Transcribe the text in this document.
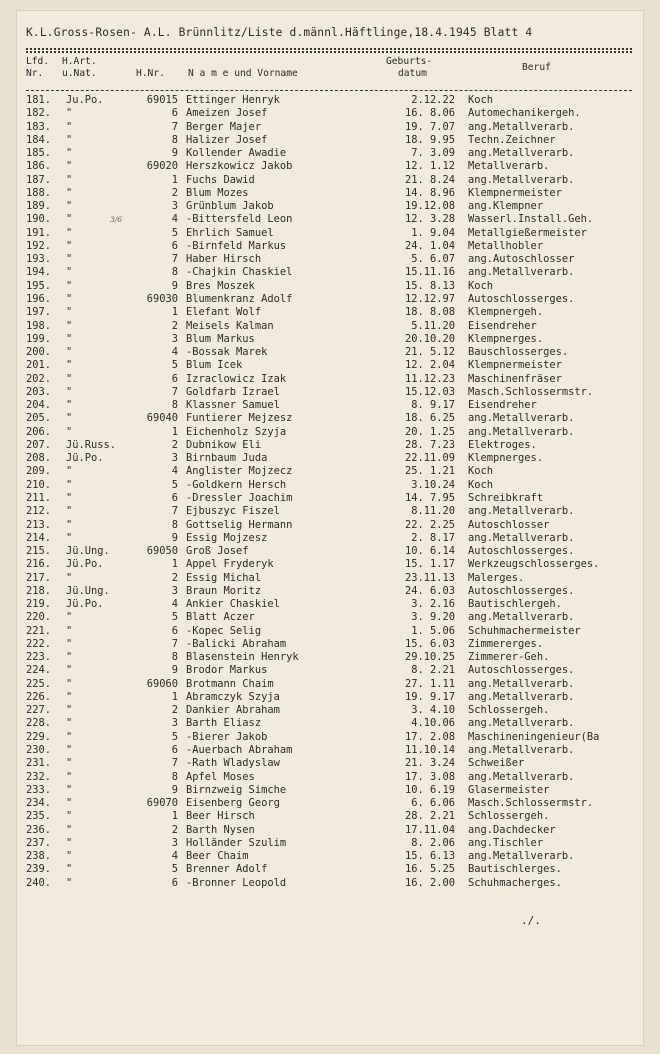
K.L.Gross-Rosen- A.L. Brünnlitz/Liste d.männl.Häftlinge,18.4.1945 Blatt 4
Lfd.
Nr.
H.Art.
u.Nat.	H.Nr. N a m e und Vorname
Geburts-
datum
Beruf
181. Ju.Po.	69015 Ettinger Henryk	2.12.22 Koch
182. "	6 Ameizen Josef	16. 8.06 Automechanikergeh.
183. "	7 Berger Majer	19. 7.07 ang.Metallverarb.
184. "	8 Halizer Josef	18. 9.95 Techn.Zeichner
185. "	9 Kollender Awadie	7. 3.09 ang.Metallverarb.
186. "	69020 Herszkowicz Jakob	12. 1.12 Metallverarb.
187. "	1 Fuchs Dawid	21. 8.24 ang.Metallverarb.
188. "	2 Blum Mozes	14. 8.96 Klempnermeister
189. "	3 Grünblum Jakob	19.12.08 ang.Klempner
190. "	3/6	4 -Bittersfeld Leon	12. 3.28 Wasserl.Install.Geh.
191. "	5 Ehrlich Samuel	1. 9.04 Metallgießermeister
192. "	6 -Birnfeld Markus	24. 1.04 Metallhobler
193. "	7 Haber Hirsch	5. 6.07 ang.Autoschlosser
194. "	8 -Chajkin Chaskiel	15.11.16 ang.Metallverarb.
195. "	9 Bres Moszek	15. 8.13 Koch
196. "	69030 Blumenkranz Adolf	12.12.97 Autoschlosserges.
197. "	1 Elefant Wolf	18. 8.08 Klempnergeh.
198. "	2 Meisels Kalman	5.11.20 Eisendreher
199. "	3 Blum Markus	20.10.20 Klempnerges.
200. "	4 -Bossak Marek	21. 5.12 Bauschlosserges.
201. "	5 Blum Icek	12. 2.04 Klempnermeister
202. "	6 Izraclowicz Izak	11.12.23 Maschinenfräser
203. "	7 Goldfarb Izrael	15.12.03 Masch.Schlossermstr.
204. "	8 Klassner Samuel	8. 9.17 Eisendreher
205. "	69040 Funtierer Mejzesz	18. 6.25 ang.Metallverarb.
206. "	1 Eichenholz Szyja	20. 1.25 ang.Metallverarb.
207. Jü.Russ.	2 Dubnikow Eli	28. 7.23 Elektroges.
208. Jü.Po.	3 Birnbaum Juda	22.11.09 Klempnerges.
209. "	4 Anglister Mojzecz	25. 1.21 Koch
210. "	5 -Goldkern Hersch	3.10.24 Koch
211. "	6 -Dressler Joachim	14. 7.95 Schreibkraft
212. "	7 Ejbuszyc Fiszel	8.11.20 ang.Metallverarb.
213. "	8 Gottselig Hermann	22. 2.25 Autoschlosser
214. "	9 Essig Mojzesz	2. 8.17 ang.Metallverarb.
215. Jü.Ung.	69050 Groß Josef	10. 6.14 Autoschlosserges.
216. Jü.Po.	1 Appel Fryderyk	15. 1.17 Werkzeugschlosserges.
217. "	2 Essig Michal	23.11.13 Malerges.
218. Jü.Ung.	3 Braun Moritz	24. 6.03 Autoschlosserges.
219. Jü.Po.	4 Ankier Chaskiel	3. 2.16 Bautischlergeh.
220. "	5 Blatt Aczer	3. 9.20 ang.Metallverarb.
221. "	6 -Kopec Selig	1. 5.06 Schuhmachermeister
222. "	7 -Balicki Abraham	15. 6.03 Zimmererges.
223. "	8 Blasenstein Henryk	29.10.25 Zimmerer-Geh.
224. "	9 Brodor Markus	8. 2.21 Autoschlosserges.
225. "	69060 Brotmann Chaim	27. 1.11 ang.Metallverarb.
226. "	1 Abramczyk Szyja	19. 9.17 ang.Metallverarb.
227. "	2 Dankier Abraham	3. 4.10 Schlossergeh.
228. "	3 Barth Eliasz	4.10.06 ang.Metallverarb.
229. "	5 -Bierer Jakob	17. 2.08 Maschineningenieur(Ba
230. "	6 -Auerbach Abraham	11.10.14 ang.Metallverarb.
231. "	7 -Rath Wladyslaw	21. 3.24 Schweißer
232. "	8 Apfel Moses	17. 3.08 ang.Metallverarb.
233. "	9 Birnzweig Simche	10. 6.19 Glasermeister
234. "	69070 Eisenberg Georg	6. 6.06 Masch.Schlossermstr.
235. "	1 Beer Hirsch	28. 2.21 Schlossergeh.
236. "	2 Barth Nysen	17.11.04 ang.Dachdecker
237. "	3 Holländer Szulim	8. 2.06 ang.Tischler
238. "	4 Beer Chaim	15. 6.13 ang.Metallverarb.
239. "	5 Brenner Adolf	16. 5.25 Bautischlerges.
240. "	6 -Bronner Leopold	16. 2.00 Schuhmacherges.
./.
